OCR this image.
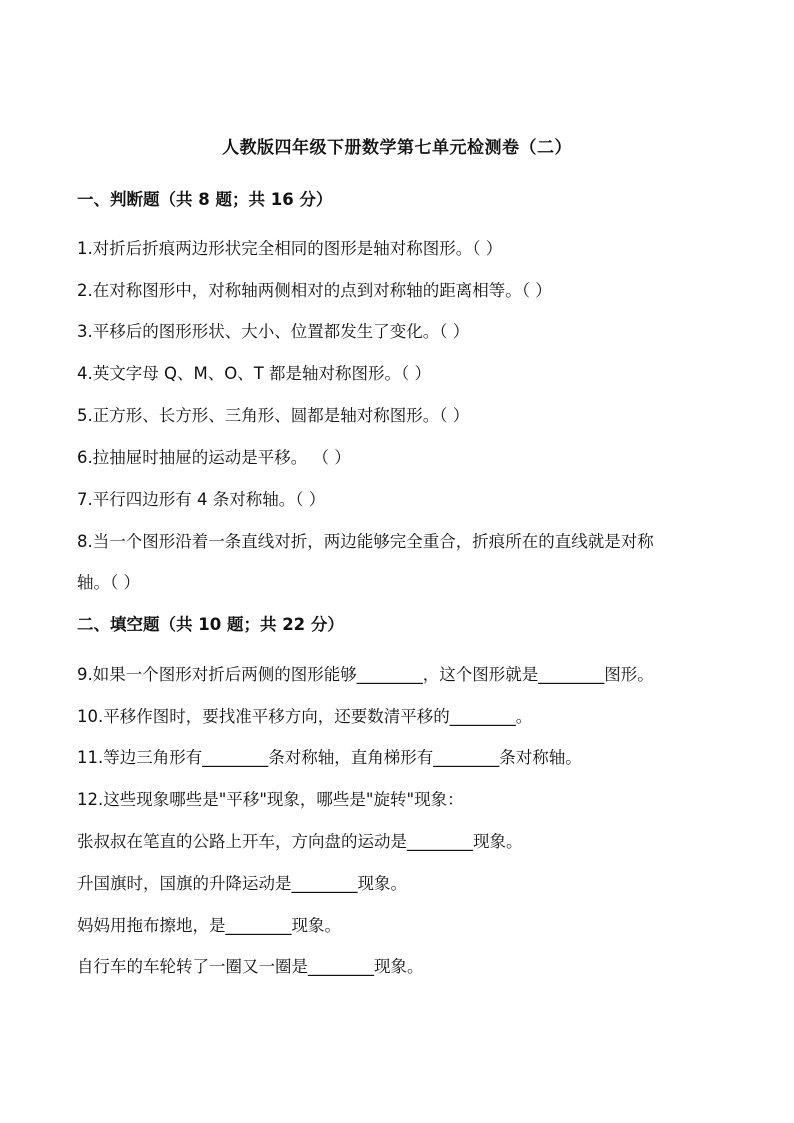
人教版四年级下册数学第七单元检测卷（二）
一、判断题（共 8 题；共 16 分）
1.对折后折痕两边形状完全相同的图形是轴对称图形。（ ）
2.在对称图形中，对称轴两侧相对的点到对称轴的距离相等。（ ）
3.平移后的图形形状、大小、位置都发生了变化。（ ）
4.英文字母 Q、M、O、T 都是轴对称图形。（ ）
5.正方形、长方形、三角形、圆都是轴对称图形。（ ）
6.拉抽屉时抽屉的运动是平移。 （ ）
7.平行四边形有 4 条对称轴。（ ）
8.当一个图形沿着一条直线对折，两边能够完全重合，折痕所在的直线就是对称
轴。（ ）
二、填空题（共 10 题；共 22 分）
9.如果一个图形对折后两侧的图形能够________，这个图形就是________图形。
10.平移作图时，要找准平移方向，还要数清平移的________。
11.等边三角形有________条对称轴，直角梯形有________条对称轴。
12.这些现象哪些是"平移"现象，哪些是"旋转"现象：
张叔叔在笔直的公路上开车，方向盘的运动是________现象。
升国旗时，国旗的升降运动是________现象。
妈妈用拖布擦地，是________现象。
自行车的车轮转了一圈又一圈是________现象。
